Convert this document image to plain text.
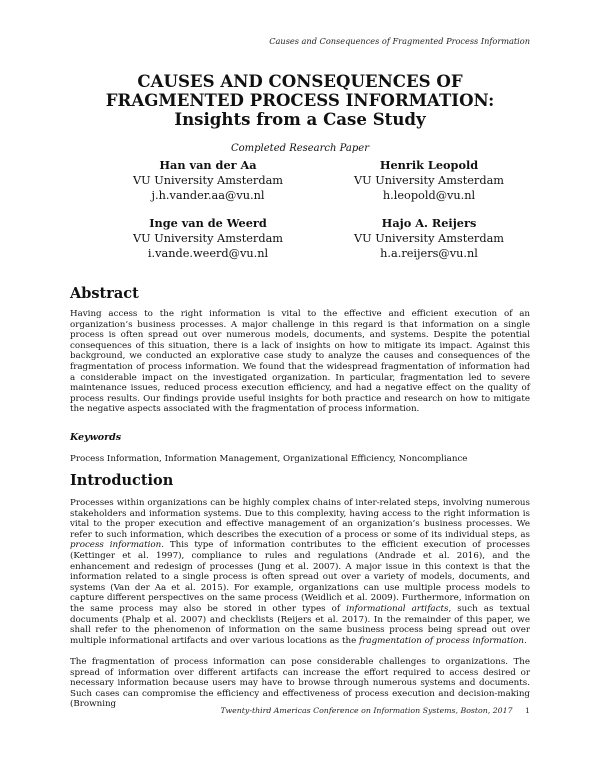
Causes and Consequences of Fragmented Process Information
CAUSES AND CONSEQUENCES OF
FRAGMENTED PROCESS INFORMATION:
Insights from a Case Study
Completed Research Paper
Han van der Aa
VU University Amsterdam
j.h.vander.aa@vu.nl
Henrik Leopold
VU University Amsterdam
h.leopold@vu.nl
Inge van de Weerd
VU University Amsterdam
i.vande.weerd@vu.nl
Hajo A. Reijers
VU University Amsterdam
h.a.reijers@vu.nl
Abstract
Having access to the right information is vital to the effective and efficient execution of an organization’s business processes. A major challenge in this regard is that information on a single process is often spread out over numerous models, documents, and systems. Despite the potential consequences of this situation, there is a lack of insights on how to mitigate its impact. Against this background, we conducted an explorative case study to analyze the causes and consequences of the fragmentation of process information. We found that the widespread fragmentation of information had a considerable impact on the investigated organization. In particular, fragmentation led to severe maintenance issues, reduced process execution efficiency, and had a negative effect on the quality of process results. Our findings provide useful insights for both practice and research on how to mitigate the negative aspects associated with the fragmentation of process information.
Keywords
Process Information, Information Management, Organizational Efficiency, Noncompliance
Introduction
Processes within organizations can be highly complex chains of inter-related steps, involving numerous stakeholders and information systems. Due to this complexity, having access to the right information is vital to the proper execution and effective management of an organization’s business processes. We refer to such information, which describes the execution of a process or some of its individual steps, as process information. This type of information contributes to the efficient execution of processes (Kettinger et al. 1997), compliance to rules and regulations (Andrade et al. 2016), and the enhancement and redesign of processes (Jung et al. 2007). A major issue in this context is that the information related to a single process is often spread out over a variety of models, documents, and systems (Van der Aa et al. 2015). For example, organizations can use multiple process models to capture different perspectives on the same process (Weidlich et al. 2009). Furthermore, information on the same process may also be stored in other types of informational artifacts, such as textual documents (Phalp et al. 2007) and checklists (Reijers et al. 2017). In the remainder of this paper, we shall refer to the phenomenon of information on the same business process being spread out over multiple informational artifacts and over various locations as the fragmentation of process information.
The fragmentation of process information can pose considerable challenges to organizations. The spread of information over different artifacts can increase the effort required to access desired or necessary information because users may have to browse through numerous systems and documents. Such cases can compromise the efficiency and effectiveness of process execution and decision-making (Browning
Twenty-third Americas Conference on Information Systems, Boston, 2017 1
